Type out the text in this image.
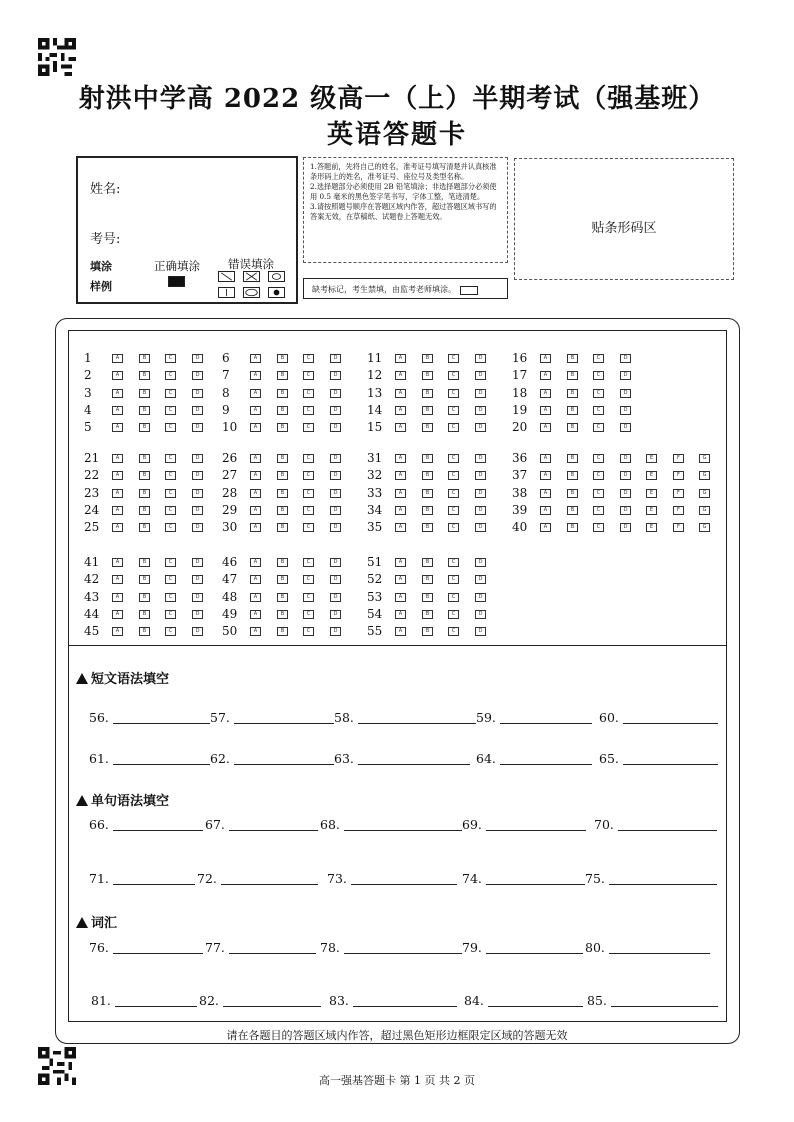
射洪中学高 2022 级高一（上）半期考试（强基班）
英语答题卡
姓名:
考号:
填涂
样例
正确填涂 错误填涂
1.答题前，先将自己的姓名，准考证号填写清楚并认真核准条形码上的姓名，准考证号、座位号及类型名称。
2.选择题部分必须使用 2B 铅笔填涂；非选择题部分必须使用 0.5 毫米的黑色签字笔书写，字体工整，笔迹清楚。
3.请按照题号顺序在答题区域内作答，超过答题区域书写的答案无效，在草稿纸、试题卷上答题无效。
缺考标记，考生禁填，由监考老师填涂。
贴条形码区
1	A	B	C	D
2	A	B	C	D
3	A	B	C	D
4	A	B	C	D
5	A	B	C	D
6	A	B	C	D
7	A	B	C	D
8	A	B	C	D
9	A	B	C	D
10	A	B	C	D
11	A	B	C	D
12	A	B	C	D
13	A	B	C	D
14	A	B	C	D
15	A	B	C	D
16	A	B	C	D
17	A	B	C	D
18	A	B	C	D
19	A	B	C	D
20	A	B	C	D
21	A	B	C	D
22	A	B	C	D
23	A	B	C	D
24	A	B	C	D
25	A	B	C	D
26	A	B	C	D
27	A	B	C	D
28	A	B	C	D
29	A	B	C	D
30	A	B	C	D
31	A	B	C	D
32	A	B	C	D
33	A	B	C	D
34	A	B	C	D
35	A	B	C	D
36	A	B	C	D	E	F	G
37	A	B	C	D	E	F	G
38	A	B	C	D	E	F	G
39	A	B	C	D	E	F	G
40	A	B	C	D	E	F	G
41	A	B	C	D
42	A	B	C	D
43	A	B	C	D
44	A	B	C	D
45	A	B	C	D
46	A	B	C	D
47	A	B	C	D
48	A	B	C	D
49	A	B	C	D
50	A	B	C	D
51	A	B	C	D
52	A	B	C	D
53	A	B	C	D
54	A	B	C	D
55	A	B	C	D
短文语法填空
单句语法填空
词汇
56.	57.	58.	59.	60.
61.	62.	63.	64.	65.
66.	67.	68.	69.	70.
71.	72.	73.	74.	75.
76.	77.	78.	79.	80.
81.	82.	83.	84.	85.
请在各题目的答题区域内作答，超过黑色矩形边框限定区域的答题无效
高一强基答题卡 第 1 页 共 2 页
